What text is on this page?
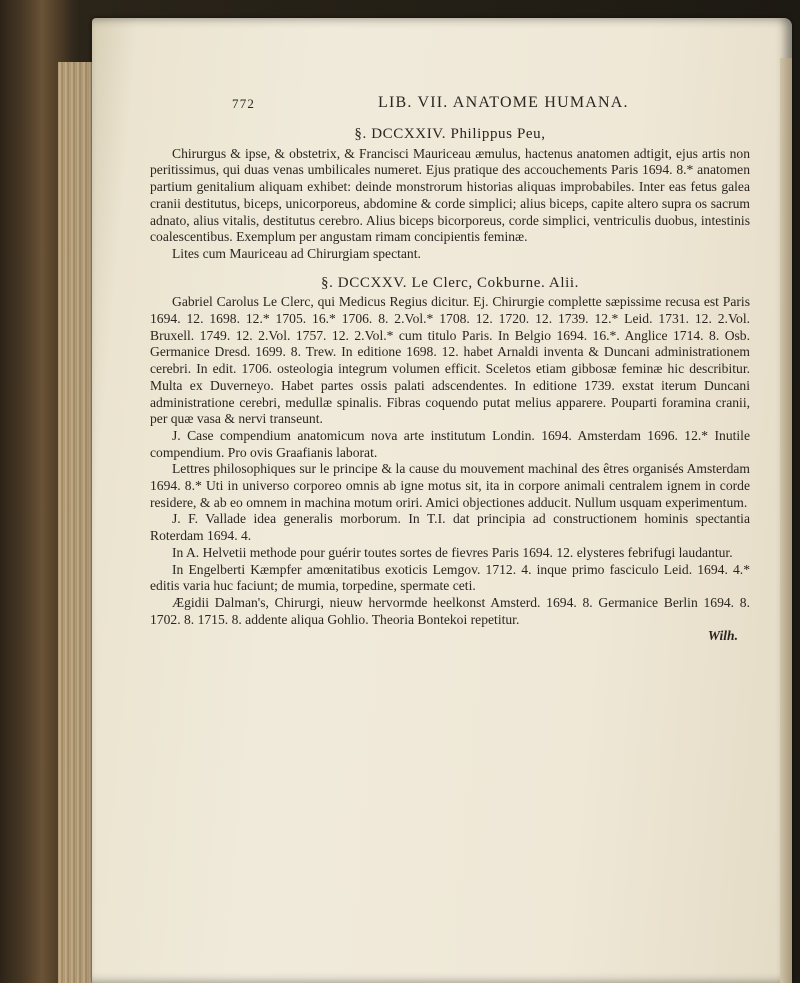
772	LIB. VII. ANATOME HUMANA.
§. DCCXXIV. Philippus Peu,

Chirurgus & ipse, & obstetrix, & Francisci Mauriceau æmulus, hactenus anatomen adtigit, ejus artis non peritissimus, qui duas venas umbilicales numeret. Ejus pratique des accouchements Paris 1694. 8.* anatomen partium genitalium aliquam exhibet: deinde monstrorum historias aliquas improbabiles. Inter eas fetus galea cranii destitutus, biceps, unicorporeus, abdomine & corde simplici; alius biceps, capite altero supra os sacrum adnato, alius vitalis, destitutus cerebro. Alius biceps bicorporeus, corde simplici, ventriculis duobus, intestinis coalescentibus. Exemplum per angustam rimam concipientis feminæ.

Lites cum Mauriceau ad Chirurgiam spectant.

§. DCCXXV. Le Clerc, Cokburne. Alii.

Gabriel Carolus Le Clerc, qui Medicus Regius dicitur. Ej. Chirurgie complette sæpissime recusa est Paris 1694. 12. 1698. 12.* 1705. 16.* 1706. 8. 2.Vol.* 1708. 12. 1720. 12. 1739. 12.* Leid. 1731. 12. 2.Vol. Bruxell. 1749. 12. 2.Vol. 1757. 12. 2.Vol.* cum titulo Paris. In Belgio 1694. 16.*. Anglice 1714. 8. Osb. Germanice Dresd. 1699. 8. Trew. In editione 1698. 12. habet Arnaldi inventa & Duncani administrationem cerebri. In edit. 1706. osteologia integrum volumen efficit. Sceletos etiam gibbosæ feminæ hic describitur. Multa ex Duverneyo. Habet partes ossis palati adscendentes. In editione 1739. exstat iterum Duncani administratione cerebri, medullæ spinalis. Fibras coquendo putat melius apparere. Pouparti foramina cranii, per quæ vasa & nervi transeunt.

J. Case compendium anatomicum nova arte institutum Londin. 1694. Amsterdam 1696. 12.* Inutile compendium. Pro ovis Graafianis laborat.

Lettres philosophiques sur le principe & la cause du mouvement machinal des êtres organisés Amsterdam 1694. 8.* Uti in universo corporeo omnis ab igne motus sit, ita in corpore animali centralem ignem in corde residere, & ab eo omnem in machina motum oriri. Amici objectiones adducit. Nullum usquam experimentum.

J. F. Vallade idea generalis morborum. In T.I. dat principia ad constructionem hominis spectantia Roterdam 1694. 4.

In A. Helvetii methode pour guérir toutes sortes de fievres Paris 1694. 12. elysteres febrifugi laudantur.

In Engelberti Kæmpfer amœnitatibus exoticis Lemgov. 1712. 4. inque primo fasciculo Leid. 1694. 4.* editis varia huc faciunt; de mumia, torpedine, spermate ceti.

Ægidii Dalman's, Chirurgi, nieuw hervormde heelkonst Amsterd. 1694. 8. Germanice Berlin 1694. 8. 1702. 8. 1715. 8. addente aliqua Gohlio. Theoria Bontekoi repetitur.

Wilh.
